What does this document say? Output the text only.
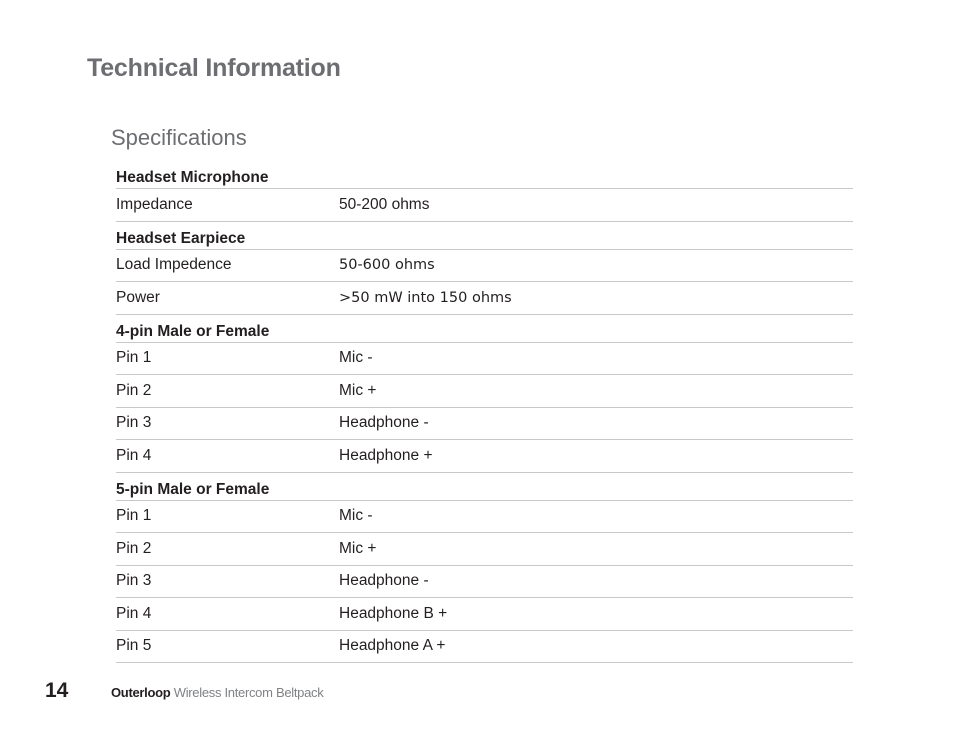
Technical Information
Specifications
Headset Microphone
Impedance	50-200 ohms
Headset Earpiece
Load Impedence	50-600 ohms
Power	>50 mW into 150 ohms
4-pin Male or Female
Pin 1	Mic -
Pin 2	Mic +
Pin 3	Headphone -
Pin 4	Headphone +
5-pin Male or Female
Pin 1	Mic -
Pin 2	Mic +
Pin 3	Headphone -
Pin 4	Headphone B +
Pin 5	Headphone A +
14	Outerloop Wireless Intercom Beltpack
